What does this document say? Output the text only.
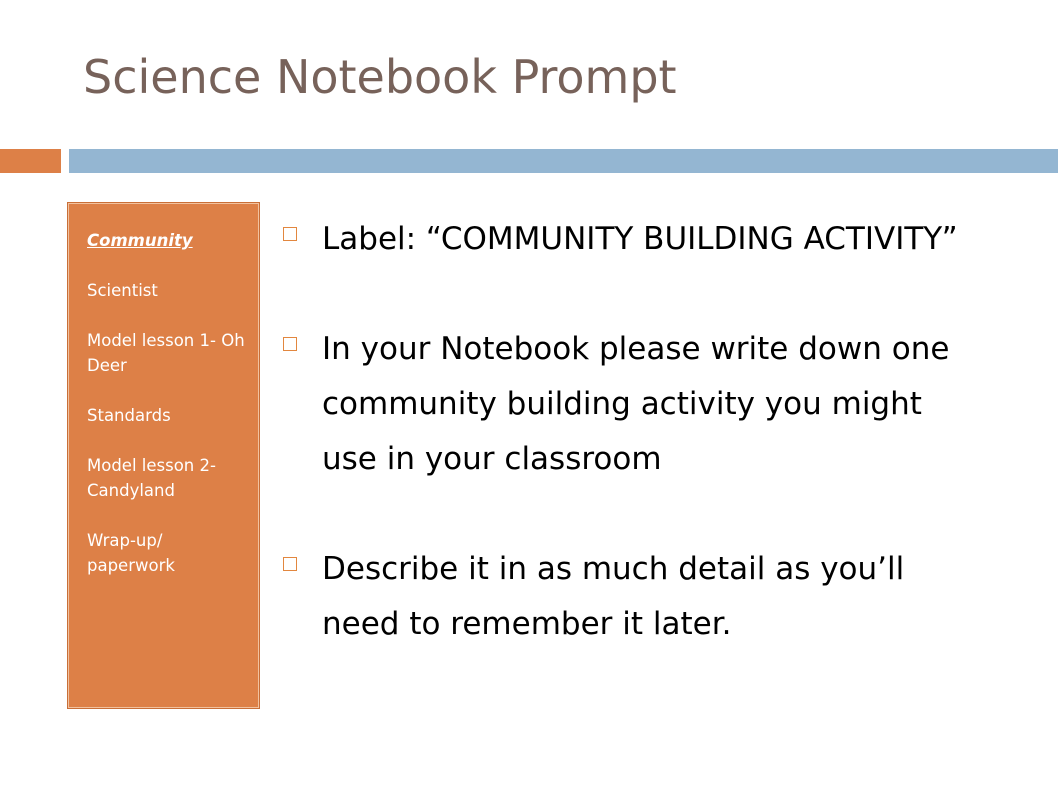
Science Notebook Prompt
Community
Scientist
Model lesson 1- Oh Deer
Standards
Model lesson 2- Candyland
Wrap-up/ paperwork
Label: “COMMUNITY BUILDING ACTIVITY”
In your Notebook please write down one community building activity you might use in your classroom
Describe it in as much detail as you’ll need to remember it later.
